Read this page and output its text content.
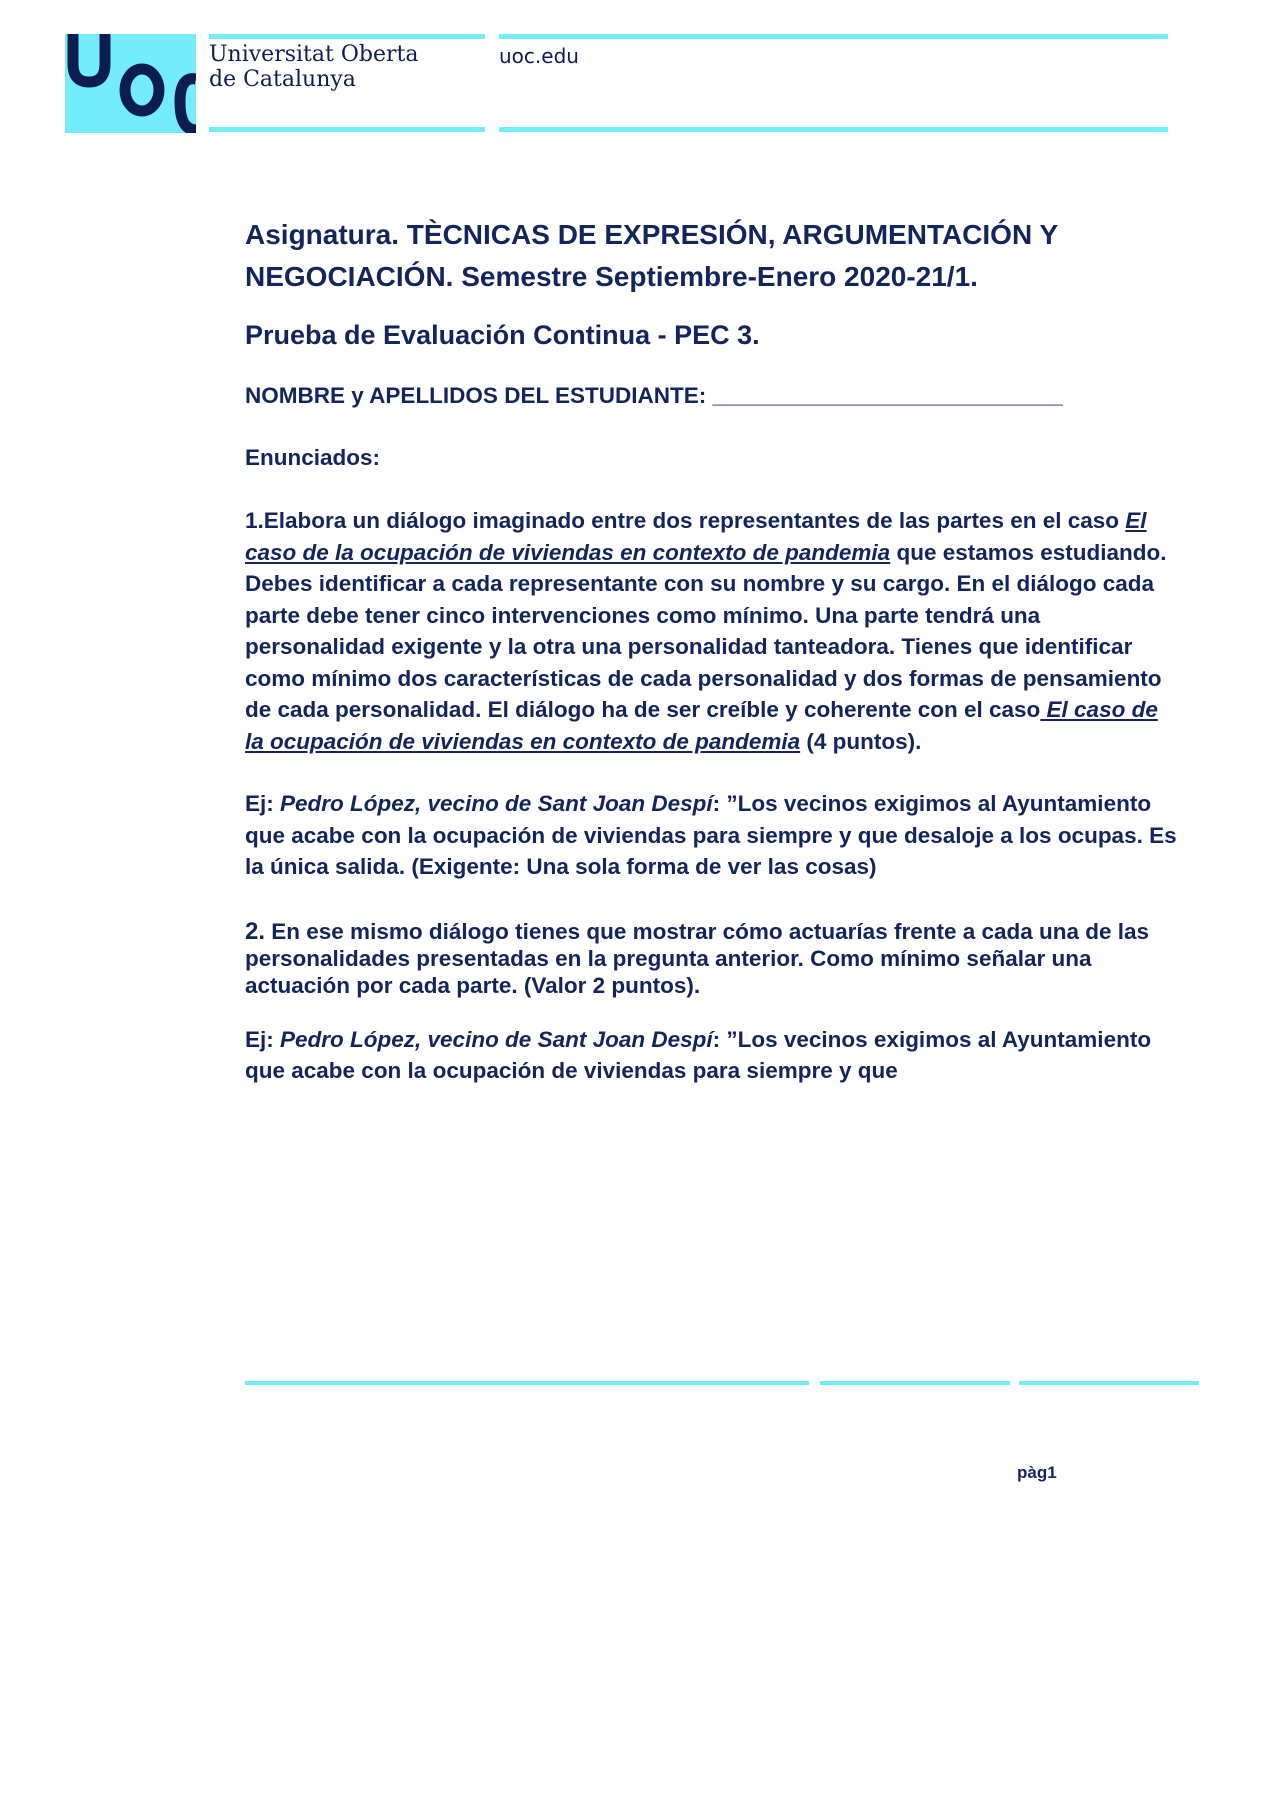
Universitat Oberta
de Catalunya
uoc.edu

Asignatura. TÈCNICAS DE EXPRESIÓN, ARGUMENTACIÓN Y
NEGOCIACIÓN. Semestre Septiembre-Enero 2020-21/1.

Prueba de Evaluación Continua - PEC 3.

NOMBRE y APELLIDOS DEL ESTUDIANTE: ____________________________

Enunciados:

1.Elabora un diálogo imaginado entre dos representantes de las partes en el caso El caso de la ocupación de viviendas en contexto de pandemia que estamos estudiando. Debes identificar a cada representante con su nombre y su cargo. En el diálogo cada parte debe tener cinco intervenciones como mínimo. Una parte tendrá una personalidad exigente y la otra una personalidad tanteadora. Tienes que identificar como mínimo dos características de cada personalidad y dos formas de pensamiento de cada personalidad. El diálogo ha de ser creíble y coherente con el caso El caso de la ocupación de viviendas en contexto de pandemia (4 puntos).

Ej: Pedro López, vecino de Sant Joan Despí: ”Los vecinos exigimos al Ayuntamiento que acabe con la ocupación de viviendas para siempre y que desaloje a los ocupas. Es la única salida. (Exigente: Una sola forma de ver las cosas)

2. En ese mismo diálogo tienes que mostrar cómo actuarías frente a cada una de las personalidades presentadas en la pregunta anterior. Como mínimo señalar una actuación por cada parte. (Valor 2 puntos).

Ej: Pedro López, vecino de Sant Joan Despí: ”Los vecinos exigimos al Ayuntamiento que acabe con la ocupación de viviendas para siempre y que

pàg1
